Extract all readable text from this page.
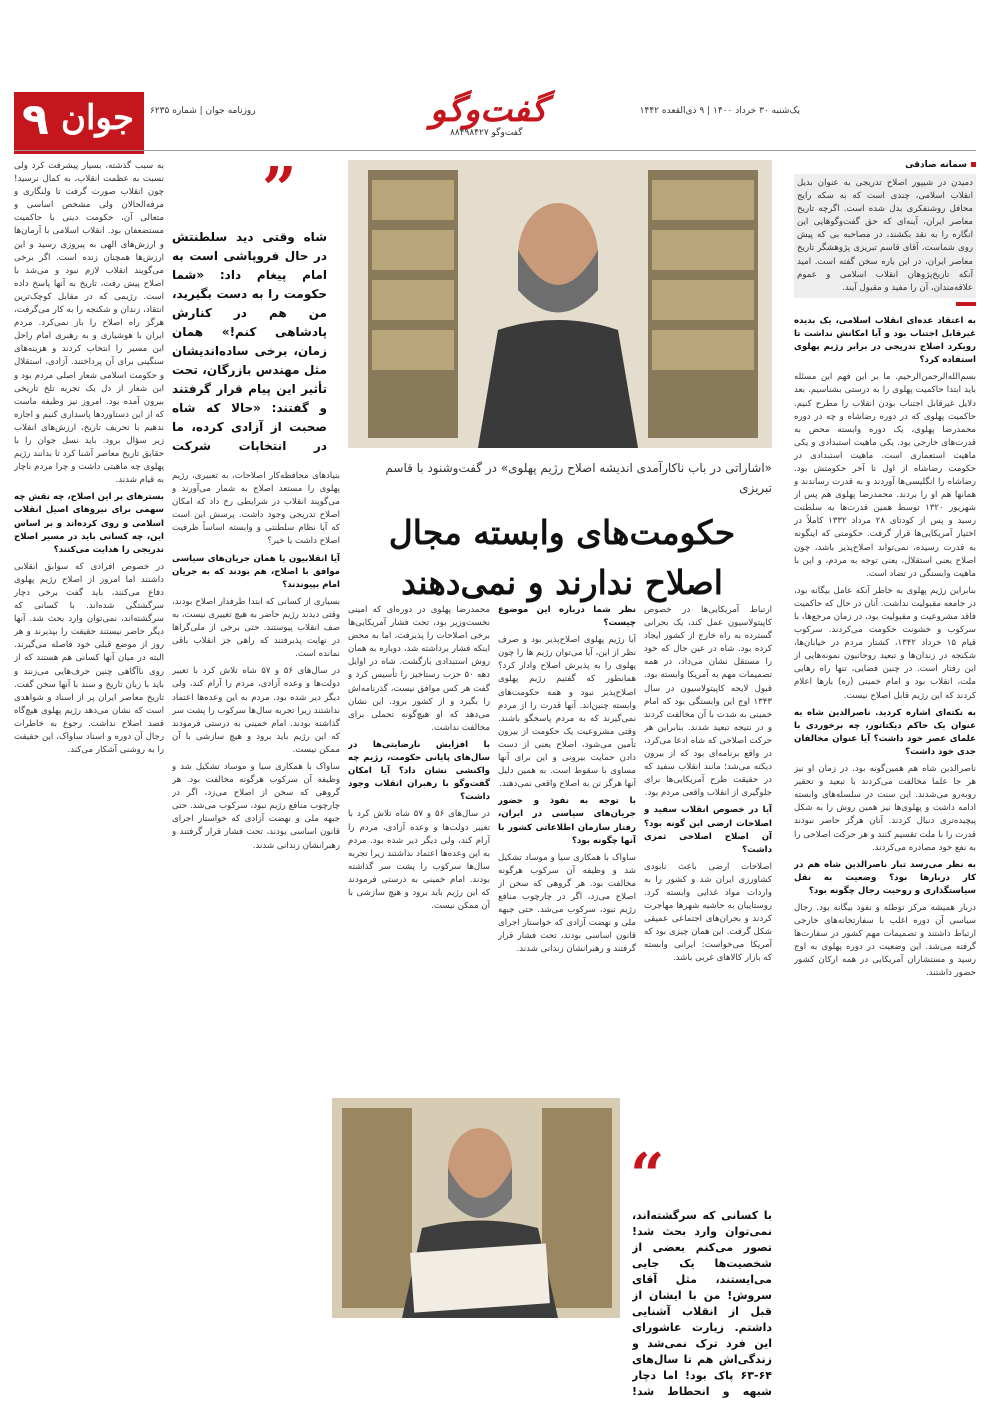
۹ جوان روزنامه جوان | شماره ۶۲۳۵	یک‌شنبه ۳۰ خرداد ۱۴۰۰ | ۹ ذی‌القعده ۱۴۴۲
گفت‌وگو
گفت‌وگو ۸۸۴۹۸۴۲۷

سمانه صادقی

دمیدن در شیپور اصلاح تدریجی به عنوان بدیل انقلاب اسلامی، چندی است که به سکه رایج محافل روشنفکری بدل شده است. اگرچه تاریخ معاصر ایران، آینه‌ای که حق گفت‌وگوهایی این انگاره را به نقد بکشند، در مصاحبه بی که پیش روی شماست، آقای قاسم تبریزی پژوهشگر تاریخ معاصر ایران، در این باره سخن گفته است. امید آنکه تاریخ‌پژوهان انقلاب اسلامی و عموم علاقه‌مندان، آن را مفید و مقبول آیند.

به اعتقاد عده‌ای انقلاب اسلامی، یک بدیده غیرقابل اجتناب بود و آیا امکانش نداشت تا رویکرد اصلاح تدریجی در برابر رژیم پهلوی استفاده کرد؟

بسم‌الله‌الرحمن‌الرحیم. ما بر این فهم این مسئله باید ابتدا حاکمیت پهلوی را به درستی بشناسیم. بعد دلایل غیرقابل اجتناب بودن انقلاب را مطرح کنیم. حاکمیت پهلوی که در دوره رضاشاه و چه در دوره محمدرضا پهلوی، یک دوره وابسته محض به قدرت‌های خارجی بود. یکی ماهیت استبدادی و یکی ماهیت استعماری است. ماهیت استبدادی در حکومت رضاشاه از اول تا آخر حکومتش بود. رضاشاه را انگلیسی‌ها آوردند و به قدرت رساندند و همانها هم او را بردند. محمدرضا پهلوی هم پس از شهریور ۱۳۲۰ توسط همین قدرت‌ها به سلطنت رسید و پس از کودتای ۲۸ مرداد ۱۳۳۲ کاملاً در اختیار آمریکایی‌ها قرار گرفت. حکومتی که اینگونه به قدرت رسیده، نمی‌تواند اصلاح‌پذیر باشد، چون اصلاح یعنی استقلال، یعنی توجه به مردم، و این با ماهیت وابستگی در تضاد است.

بنابراین رژیم پهلوی به خاطر آنکه عامل بیگانه بود، در جامعه مقبولیت نداشت. آنان در حال که حاکمیت فاقد مشروعیت و مقبولیت بود، در زمان مرجع‌ها، با سرکوب و خشونت حکومت می‌کردند. سرکوب قیام ۱۵ خرداد ۱۳۴۲، کشتار مردم در خیابان‌ها، شکنجه در زندان‌ها و تبعید روحانیون نمونه‌هایی از این رفتار است. در چنین فضایی، تنها راه رهایی ملت، انقلاب بود و امام خمینی (ره) بارها اعلام کردند که این رژیم قابل اصلاح نیست.

به نکته‌ای اشاره کردید. ناصرالدین شاه به عنوان یک حاکم دیکتاتور، چه برخوردی با علمای عصر خود داشت؟ آیا عنوان مخالفان جدی خود داشت؟

ناصرالدین شاه هم همین‌گونه بود. در زمان او نیز هر جا علما مخالفت می‌کردند با تبعید و تحقیر روبه‌رو می‌شدند. این سنت در سلسله‌های وابسته ادامه داشت و پهلوی‌ها نیز همین روش را به شکل پیچیده‌تری دنبال کردند. آنان هرگز حاضر نبودند قدرت را با ملت تقسیم کنند و هر حرکت اصلاحی را به نفع خود مصادره می‌کردند.

به نظر می‌رسد تبار ناصرالدین شاه هم در کار دربارها بود؟ وضعیت به نقل سیاستگذاری و روحیت رجال چگونه بود؟

دربار همیشه مرکز توطئه و نفوذ بیگانه بود. رجال سیاسی آن دوره اغلب با سفارتخانه‌های خارجی ارتباط داشتند و تصمیمات مهم کشور در سفارت‌ها گرفته می‌شد. این وضعیت در دوره پهلوی به اوج رسید و مستشاران آمریکایی در همه ارکان کشور حضور داشتند.

«اشاراتی در باب ناکارآمدی اندیشه اصلاح رژیم پهلوی» در گفت‌وشنود با قاسم تبریزی
حکومت‌های وابسته مجال اصلاح ندارند و نمی‌دهند
”
شاه وقتی دید سلطنتش در حال فروپاشی است به امام پیغام داد: «شما حکومت را به دست بگیرید، من هم در کنارش پادشاهی کنم!» همان زمان، برخی ساده‌اندیشان مثل مهندس بازرگان، تحت تأثیر این پیام قرار گرفتند و گفتند: «حالا که شاه صحبت از آزادی کرده، ما در انتخابات شرکت

ارتباط آمریکایی‌ها در خصوص کاپیتولاسیون عمل کند، یک بحرانی گسترده به راه خارج از کشور ایجاد کرده بود. شاه در عین حال که خود را مستقل نشان می‌داد، در همه تصمیمات مهم به آمریکا وابسته بود. قبول لایحه کاپیتولاسیون در سال ۱۳۴۳ اوج این وابستگی بود که امام خمینی به شدت با آن مخالفت کردند و در نتیجه تبعید شدند. بنابراین هر حرکت اصلاحی که شاه ادعا می‌کرد، در واقع برنامه‌ای بود که از بیرون دیکته می‌شد؛ مانند انقلاب سفید که در حقیقت طرح آمریکایی‌ها برای جلوگیری از انقلاب واقعی مردم بود.

آیا در خصوص انقلاب سفید و اصلاحات ارضی این گونه بود؟ آن اصلاح اصلاحی ثمری داشت؟

اصلاحات ارضی باعث نابودی کشاورزی ایران شد و کشور را به واردات مواد غذایی وابسته کرد. روستاییان به حاشیه شهرها مهاجرت کردند و بحران‌های اجتماعی عمیقی شکل گرفت. این همان چیزی بود که آمریکا می‌خواست: ایرانی وابسته که بازار کالاهای غربی باشد.

نظر شما درباره این موضوع چیست؟

آیا رژیم پهلوی اصلاح‌پذیر بود و صرف نظر از این، آیا می‌توان رژیم ها را چون پهلوی را به پذیرش اصلاح وادار کرد؟ همانطور که گفتیم رژیم پهلوی اصلاح‌پذیر نبود و همه حکومت‌های وابسته چنین‌اند. آنها قدرت را از مردم نمی‌گیرند که به مردم پاسخگو باشند. وقتی مشروعیت یک حکومت از بیرون تأمین می‌شود، اصلاح یعنی از دست دادن حمایت بیرونی و این برای آنها مساوی با سقوط است. به همین دلیل آنها هرگز تن به اصلاح واقعی نمی‌دهند.

با توجه به نفوذ و حضور جریان‌های سیاسی در ایران، رفتار سازمان اطلاعاتی کشور با آنها چگونه بود؟

ساواک با همکاری سیا و موساد تشکیل شد و وظیفه آن سرکوب هرگونه مخالفت بود. هر گروهی که سخن از اصلاح می‌زد، اگر در چارچوب منافع رژیم نبود، سرکوب می‌شد. حتی جبهه ملی و نهضت آزادی که خواستار اجرای قانون اساسی بودند، تحت فشار قرار گرفتند و رهبرانشان زندانی شدند.

محمدرضا پهلوی در دوره‌ای که امینی نخست‌وزیر بود، تحت فشار آمریکایی‌ها برخی اصلاحات را پذیرفت، اما به محض اینکه فشار برداشته شد، دوباره به همان روش استبدادی بازگشت. شاه در اوایل دهه ۵۰ حزب رستاخیز را تأسیس کرد و گفت هر کس موافق نیست، گذرنامه‌اش را بگیرد و از کشور برود. این نشان می‌دهد که او هیچ‌گونه تحملی برای مخالفت نداشت.

با افزایش نارضایتی‌ها در سال‌های پایانی حکومت، رژیم چه واکنشی نشان داد؟ آیا امکان گفت‌وگو با رهبران انقلاب وجود داشت؟

در سال‌های ۵۶ و ۵۷ شاه تلاش کرد با تغییر دولت‌ها و وعده آزادی، مردم را آرام کند، ولی دیگر دیر شده بود. مردم به این وعده‌ها اعتماد نداشتند زیرا تجربه سال‌ها سرکوب را پشت سر گذاشته بودند. امام خمینی به درستی فرمودند که این رژیم باید برود و هیچ سازشی با آن ممکن نیست.

بنیاد‌های محافظه‌کار اصلاحات، به تعبیری، رژیم پهلوی را مستعد اصلاح به شمار می‌آورند و می‌گویند انقلاب در شرایطی رخ داد که امکان اصلاح تدریجی وجود داشت. پرسش این است که آیا نظام سلطنتی و وابسته اساساً ظرفیت اصلاح داشت یا خیر؟

آیا انقلابیون یا همان جریان‌های سیاسی موافق با اصلاح، هم بودند که به جریان امام بپیوندند؟

بسیاری از کسانی که ابتدا طرفدار اصلاح بودند، وقتی دیدند رژیم حاضر به هیچ تغییری نیست، به صف انقلاب پیوستند. حتی برخی از ملی‌گراها در نهایت پذیرفتند که راهی جز انقلاب باقی نمانده است.

در سال‌های ۵۶ و ۵۷ شاه تلاش کرد با تغییر دولت‌ها و وعده آزادی، مردم را آرام کند، ولی دیگر دیر شده بود. مردم به این وعده‌ها اعتماد نداشتند زیرا تجربه سال‌ها سرکوب را پشت سر گذاشته بودند. امام خمینی به درستی فرمودند که این رژیم باید برود و هیچ سازشی با آن ممکن نیست.

ساواک با همکاری سیا و موساد تشکیل شد و وظیفه آن سرکوب هرگونه مخالفت بود. هر گروهی که سخن از اصلاح می‌زد، اگر در چارچوب منافع رژیم نبود، سرکوب می‌شد. حتی جبهه ملی و نهضت آزادی که خواستار اجرای قانون اساسی بودند، تحت فشار قرار گرفتند و رهبرانشان زندانی شدند.

به سبب گذشته، بسیار پیشرفت کرد ولی نسبت به عظمت انقلاب، به کمال نرسید! چون انقلاب صورت گرفت تا ولنگاری و مرفه‌الحالان ولی مشخص اساسی و متعالی آن، حکومت دینی با حاکمیت مستضعفان بود. انقلاب اسلامی با آرمان‌ها و ارزش‌های الهی به پیروزی رسید و این ارزش‌ها همچنان زنده است. اگر برخی می‌گویند انقلاب لازم نبود و می‌شد با اصلاح پیش رفت، تاریخ به آنها پاسخ داده است. رژیمی که در مقابل کوچک‌ترین انتقاد، زندان و شکنجه را به کار می‌گرفت، هرگز راه اصلاح را باز نمی‌کرد. مردم ایران با هوشیاری و به رهبری امام راحل این مسیر را انتخاب کردند و هزینه‌های سنگینی برای آن پرداختند. آزادی، استقلال و حکومت اسلامی شعار اصلی مردم بود و این شعار از دل یک تجربه تلخ تاریخی بیرون آمده بود. امروز نیز وظیفه ماست که از این دستاوردها پاسداری کنیم و اجازه ندهیم با تحریف تاریخ، ارزش‌های انقلاب زیر سؤال برود. باید نسل جوان را با حقایق تاریخ معاصر آشنا کرد تا بدانند رژیم پهلوی چه ماهیتی داشت و چرا مردم ناچار به قیام شدند.

بستر‌های بر این اصلاح، چه نقش چه سهمی برای نیروهای اصیل انقلاب اسلامی و روی کرده‌اند و بر اساس این، چه کسانی باید در مسیر اصلاح تدریجی را هدایت می‌کنند؟

در خصوص افرادی که سوابق انقلابی داشتند اما امروز از اصلاح رژیم پهلوی دفاع می‌کنند، باید گفت برخی دچار سرگشتگی شده‌اند. با کسانی که سرگشته‌اند، نمی‌توان وارد بحث شد. آنها دیگر حاضر نیستند حقیقت را بپذیرند و هر روز از موضع قبلی خود فاصله می‌گیرند. البته در میان آنها کسانی هم هستند که از روی ناآگاهی چنین حرف‌هایی می‌زنند و باید با زبان تاریخ و سند با آنها سخن گفت. تاریخ معاصر ایران پر از اسناد و شواهدی است که نشان می‌دهد رژیم پهلوی هیچ‌گاه قصد اصلاح نداشت. رجوع به خاطرات رجال آن دوره و اسناد ساواک، این حقیقت را به روشنی آشکار می‌کند.

“
با کسانی که سرگشته‌اند، نمی‌توان وارد بحث شد! تصور می‌کنم بعضی از شخصیت‌ها یک جایی می‌ایستند، مثل آقای سروش! من با ایشان از قبل از انقلاب آشنایی داشتم. زیارت عاشورای این فرد ترک نمی‌شد و زندگی‌اش هم تا سال‌های ۶۴-۶۳ پاک بود! اما دچار شبهه و انحطاط شد!
